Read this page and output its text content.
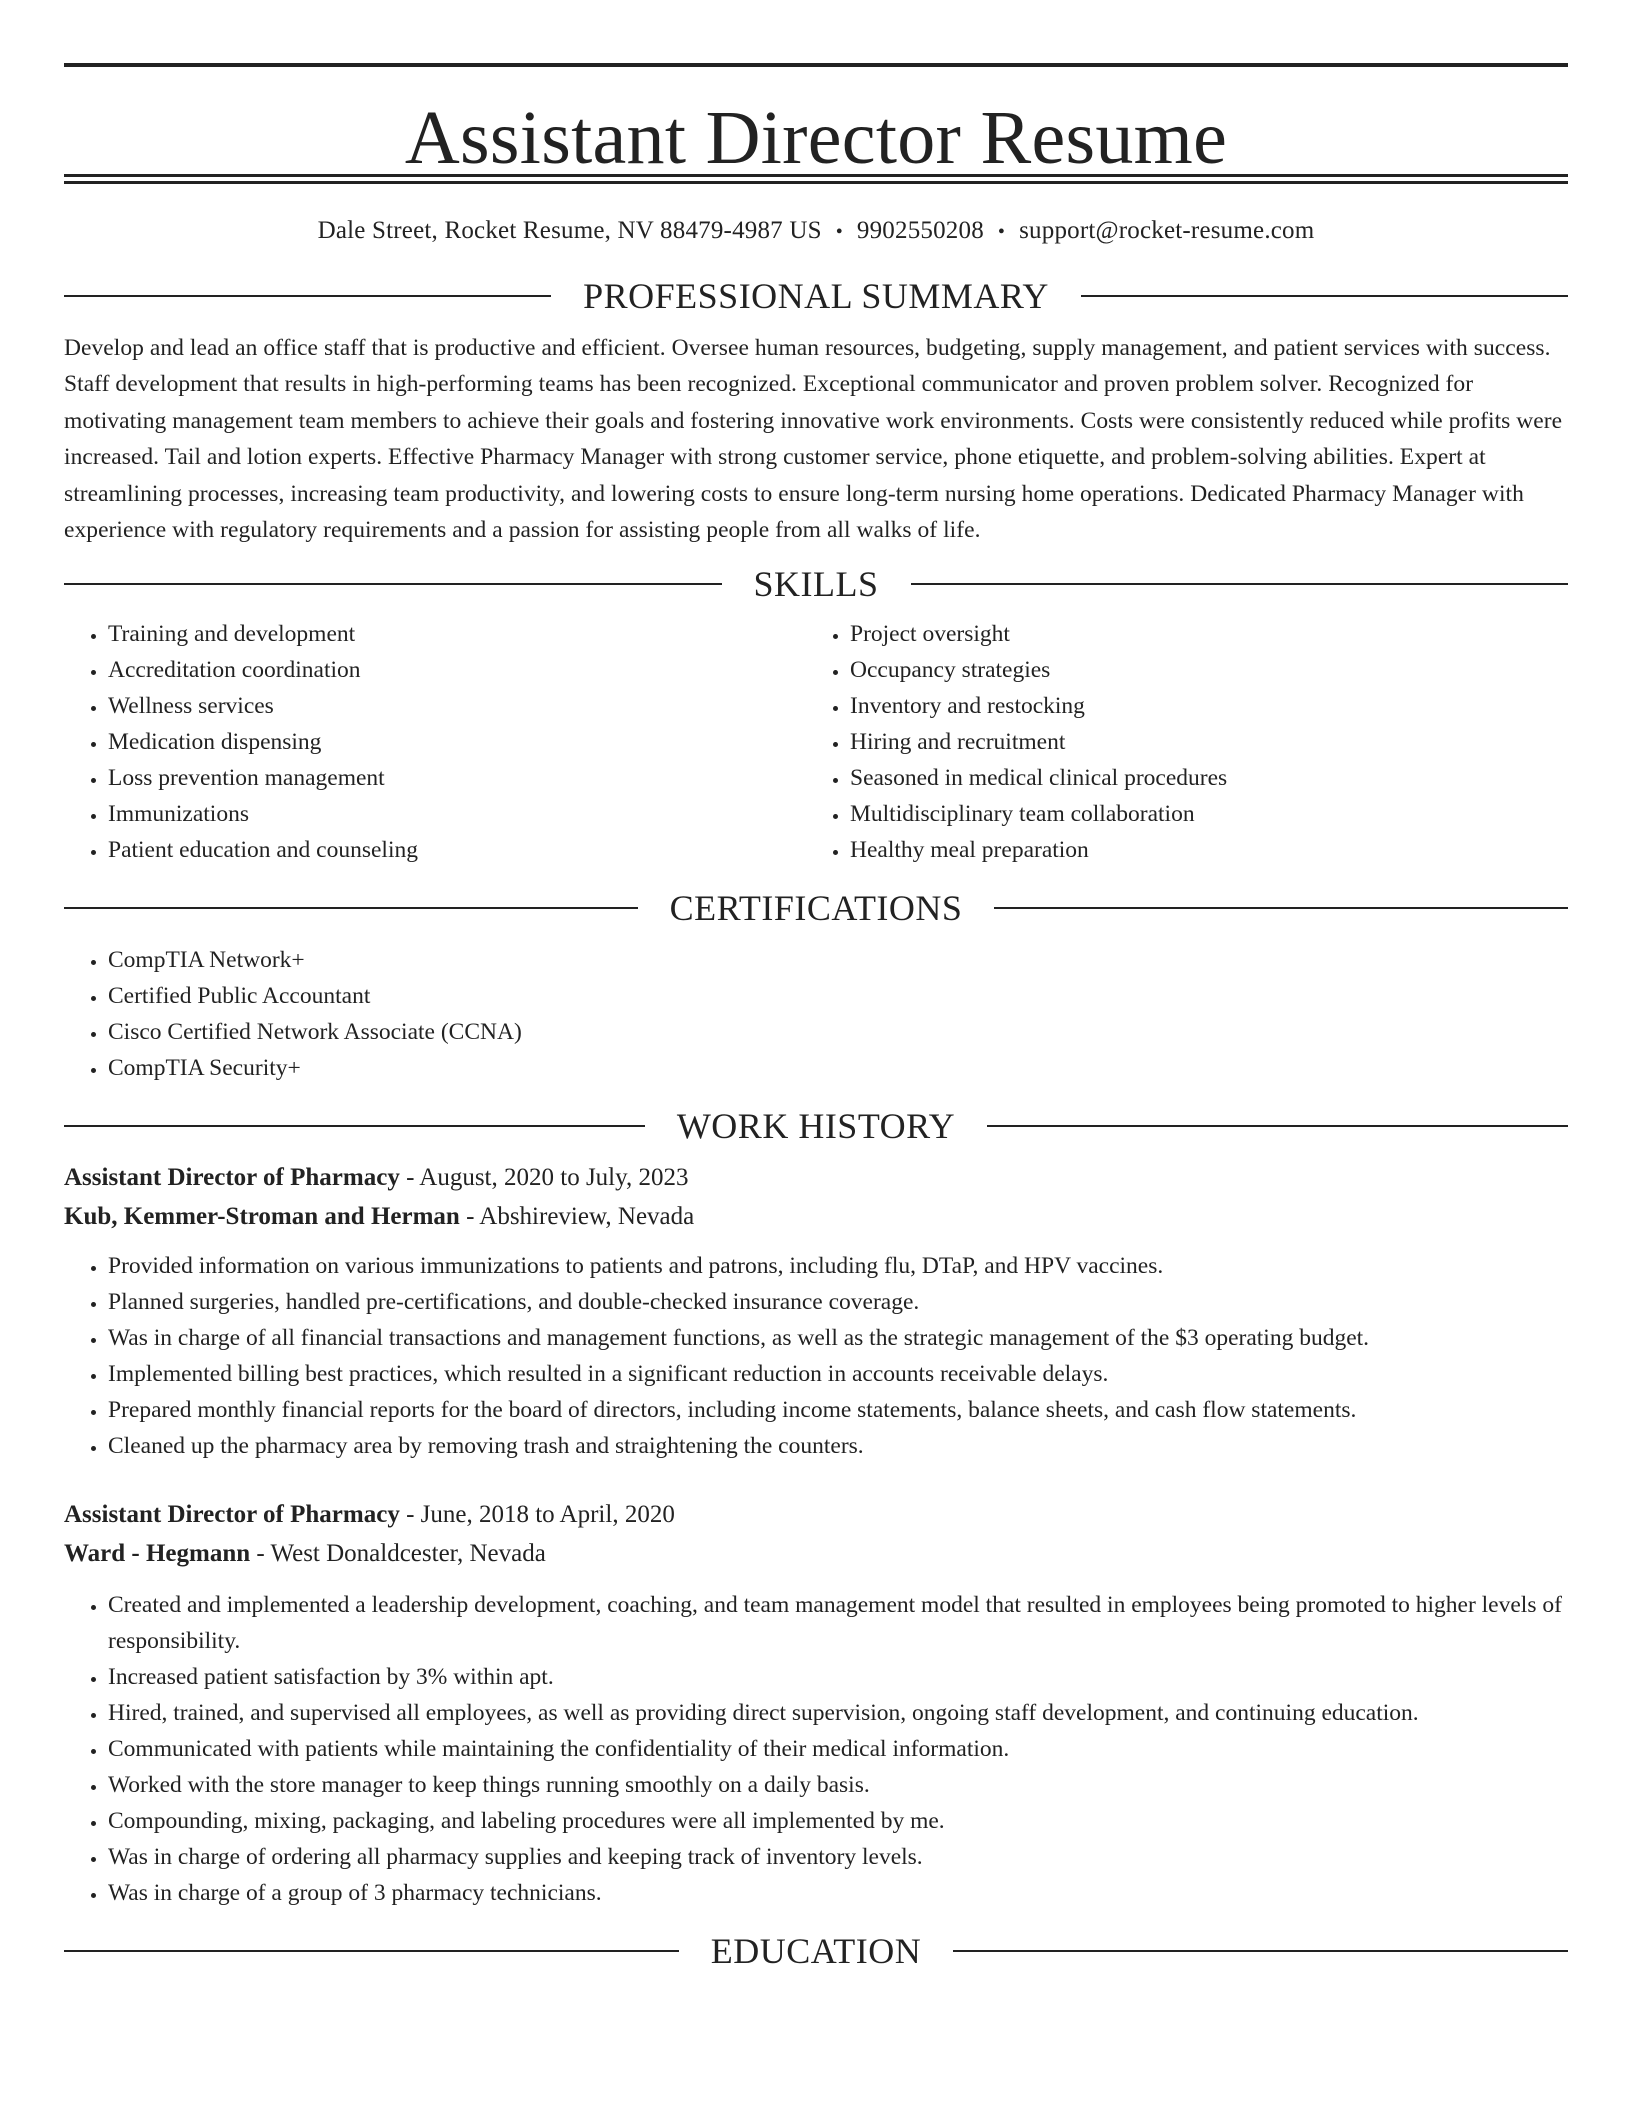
Assistant Director Resume
Dale Street, Rocket Resume, NV 88479-4987 US • 9902550208 • support@rocket-resume.com
PROFESSIONAL SUMMARY

Develop and lead an office staff that is productive and efficient. Oversee human resources, budgeting, supply management, and patient services with success. Staff development that results in high-performing teams has been recognized. Exceptional communicator and proven problem solver. Recognized for motivating management team members to achieve their goals and fostering innovative work environments. Costs were consistently reduced while profits were increased. Tail and lotion experts. Effective Pharmacy Manager with strong customer service, phone etiquette, and problem-solving abilities. Expert at streamlining processes, increasing team productivity, and lowering costs to ensure long-term nursing home operations. Dedicated Pharmacy Manager with experience with regulatory requirements and a passion for assisting people from all walks of life.

SKILLS
• Training and development
• Accreditation coordination
• Wellness services
• Medication dispensing
• Loss prevention management
• Immunizations
• Patient education and counseling
• Project oversight
• Occupancy strategies
• Inventory and restocking
• Hiring and recruitment
• Seasoned in medical clinical procedures
• Multidisciplinary team collaboration
• Healthy meal preparation
CERTIFICATIONS
• CompTIA Network+
• Certified Public Accountant
• Cisco Certified Network Associate (CCNA)
• CompTIA Security+
WORK HISTORY
Assistant Director of Pharmacy - August, 2020 to July, 2023
Kub, Kemmer-Stroman and Herman - Abshireview, Nevada
• Provided information on various immunizations to patients and patrons, including flu, DTaP, and HPV vaccines.
• Planned surgeries, handled pre-certifications, and double-checked insurance coverage.
• Was in charge of all financial transactions and management functions, as well as the strategic management of the $3 operating budget.
• Implemented billing best practices, which resulted in a significant reduction in accounts receivable delays.
• Prepared monthly financial reports for the board of directors, including income statements, balance sheets, and cash flow statements.
• Cleaned up the pharmacy area by removing trash and straightening the counters.
Assistant Director of Pharmacy - June, 2018 to April, 2020
Ward - Hegmann - West Donaldcester, Nevada
• Created and implemented a leadership development, coaching, and team management model that resulted in employees being promoted to higher levels of responsibility.
• Increased patient satisfaction by 3% within apt.
• Hired, trained, and supervised all employees, as well as providing direct supervision, ongoing staff development, and continuing education.
• Communicated with patients while maintaining the confidentiality of their medical information.
• Worked with the store manager to keep things running smoothly on a daily basis.
• Compounding, mixing, packaging, and labeling procedures were all implemented by me.
• Was in charge of ordering all pharmacy supplies and keeping track of inventory levels.
• Was in charge of a group of 3 pharmacy technicians.
EDUCATION
